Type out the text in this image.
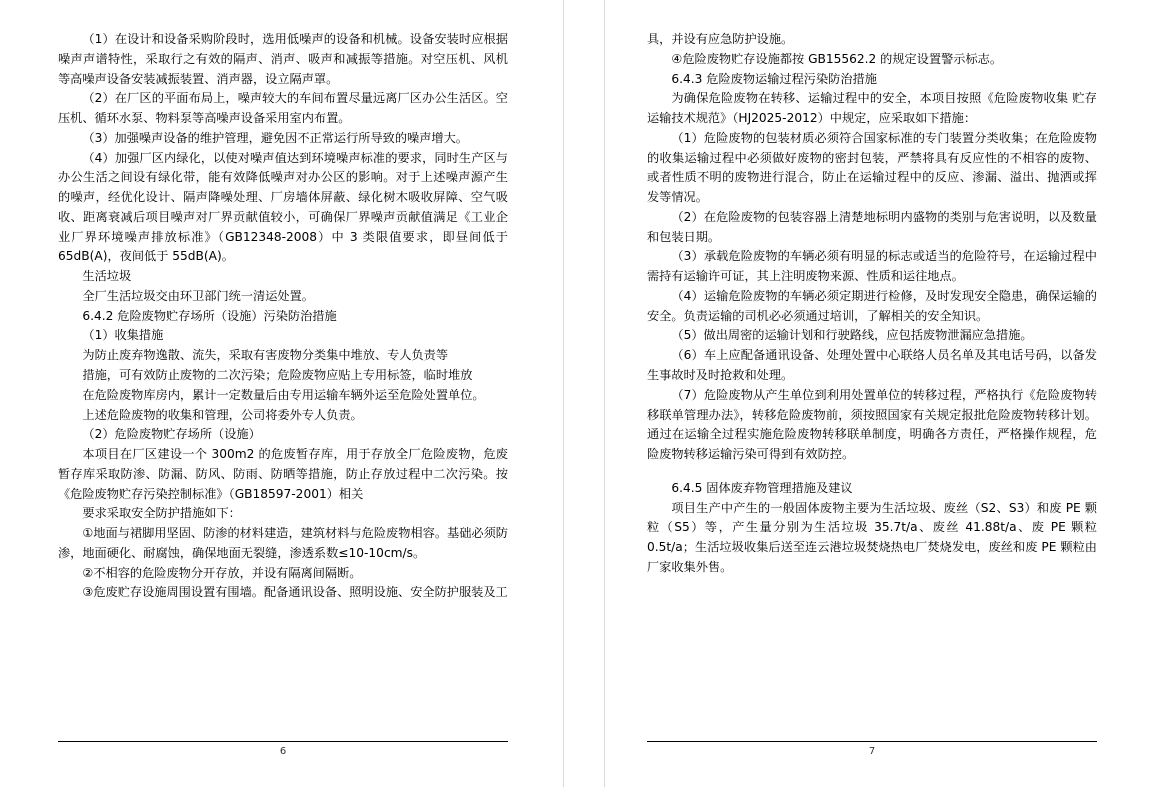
（1）在设计和设备采购阶段时，选用低噪声的设备和机械。设备安装时应根据噪声声谱特性，采取行之有效的隔声、消声、吸声和减振等措施。对空压机、风机等高噪声设备安装减振装置、消声器，设立隔声罩。

（2）在厂区的平面布局上，噪声较大的车间布置尽量远离厂区办公生活区。空压机、循环水泵、物料泵等高噪声设备采用室内布置。

（3）加强噪声设备的维护管理，避免因不正常运行所导致的噪声增大。

（4）加强厂区内绿化，以使对噪声值达到环境噪声标准的要求，同时生产区与办公生活之间设有绿化带，能有效降低噪声对办公区的影响。对于上述噪声源产生的噪声，经优化设计、隔声降噪处理、厂房墙体屏蔽、绿化树木吸收屏障、空气吸收、距离衰减后项目噪声对厂界贡献值较小，可确保厂界噪声贡献值满足《工业企业厂界环境噪声排放标准》（GB12348-2008）中 3 类限值要求，即昼间低于 65dB(A)，夜间低于 55dB(A)。

生活垃圾

全厂生活垃圾交由环卫部门统一清运处置。

6.4.2 危险废物贮存场所（设施）污染防治措施

（1）收集措施

为防止废弃物逸散、流失，采取有害废物分类集中堆放、专人负责等

措施，可有效防止废物的二次污染；危险废物应贴上专用标签，临时堆放

在危险废物库房内，累计一定数量后由专用运输车辆外运至危险处置单位。

上述危险废物的收集和管理，公司将委外专人负责。

（2）危险废物贮存场所（设施）

本项目在厂区建设一个 300m2 的危废暂存库，用于存放全厂危险废物，危废暂存库采取防渗、防漏、防风、防雨、防晒等措施，防止存放过程中二次污染。按《危险废物贮存污染控制标准》（GB18597-2001）相关

要求采取安全防护措施如下：

①地面与裙脚用坚固、防渗的材料建造，建筑材料与危险废物相容。基础必须防渗，地面硬化、耐腐蚀，确保地面无裂缝，渗透系数≤10-10cm/s。

②不相容的危险废物分开存放，并设有隔离间隔断。

③危废贮存设施周围设置有围墙。配备通讯设备、照明设施、安全防护服装及工

6

具，并设有应急防护设施。

④危险废物贮存设施都按 GB15562.2 的规定设置警示标志。

6.4.3 危险废物运输过程污染防治措施

为确保危险废物在转移、运输过程中的安全，本项目按照《危险废物收集 贮存 运输技术规范》（HJ2025-2012）中规定，应采取如下措施：

（1）危险废物的包装材质必须符合国家标准的专门装置分类收集；在危险废物的收集运输过程中必须做好废物的密封包装，严禁将具有反应性的不相容的废物、或者性质不明的废物进行混合，防止在运输过程中的反应、渗漏、溢出、抛洒或挥发等情况。

（2）在危险废物的包装容器上清楚地标明内盛物的类别与危害说明，以及数量和包装日期。

（3）承载危险废物的车辆必须有明显的标志或适当的危险符号，在运输过程中需持有运输许可证，其上注明废物来源、性质和运往地点。

（4）运输危险废物的车辆必须定期进行检修，及时发现安全隐患，确保运输的安全。负责运输的司机必必须通过培训，了解相关的安全知识。

（5）做出周密的运输计划和行驶路线，应包括废物泄漏应急措施。

（6）车上应配备通讯设备、处理处置中心联络人员名单及其电话号码，以备发生事故时及时抢救和处理。

（7）危险废物从产生单位到利用处置单位的转移过程，严格执行《危险废物转移联单管理办法》，转移危险废物前，须按照国家有关规定报批危险废物转移计划。通过在运输全过程实施危险废物转移联单制度，明确各方责任，严格操作规程，危险废物转移运输污染可得到有效防控。

6.4.5 固体废弃物管理措施及建议

项目生产中产生的一般固体废物主要为生活垃圾、废丝（S2、S3）和废 PE 颗粒（S5）等，产生量分别为生活垃圾 35.7t/a、废丝 41.88t/a、废 PE 颗粒 0.5t/a；生活垃圾收集后送至连云港垃圾焚烧热电厂焚烧发电，废丝和废 PE 颗粒由厂家收集外售。

7
